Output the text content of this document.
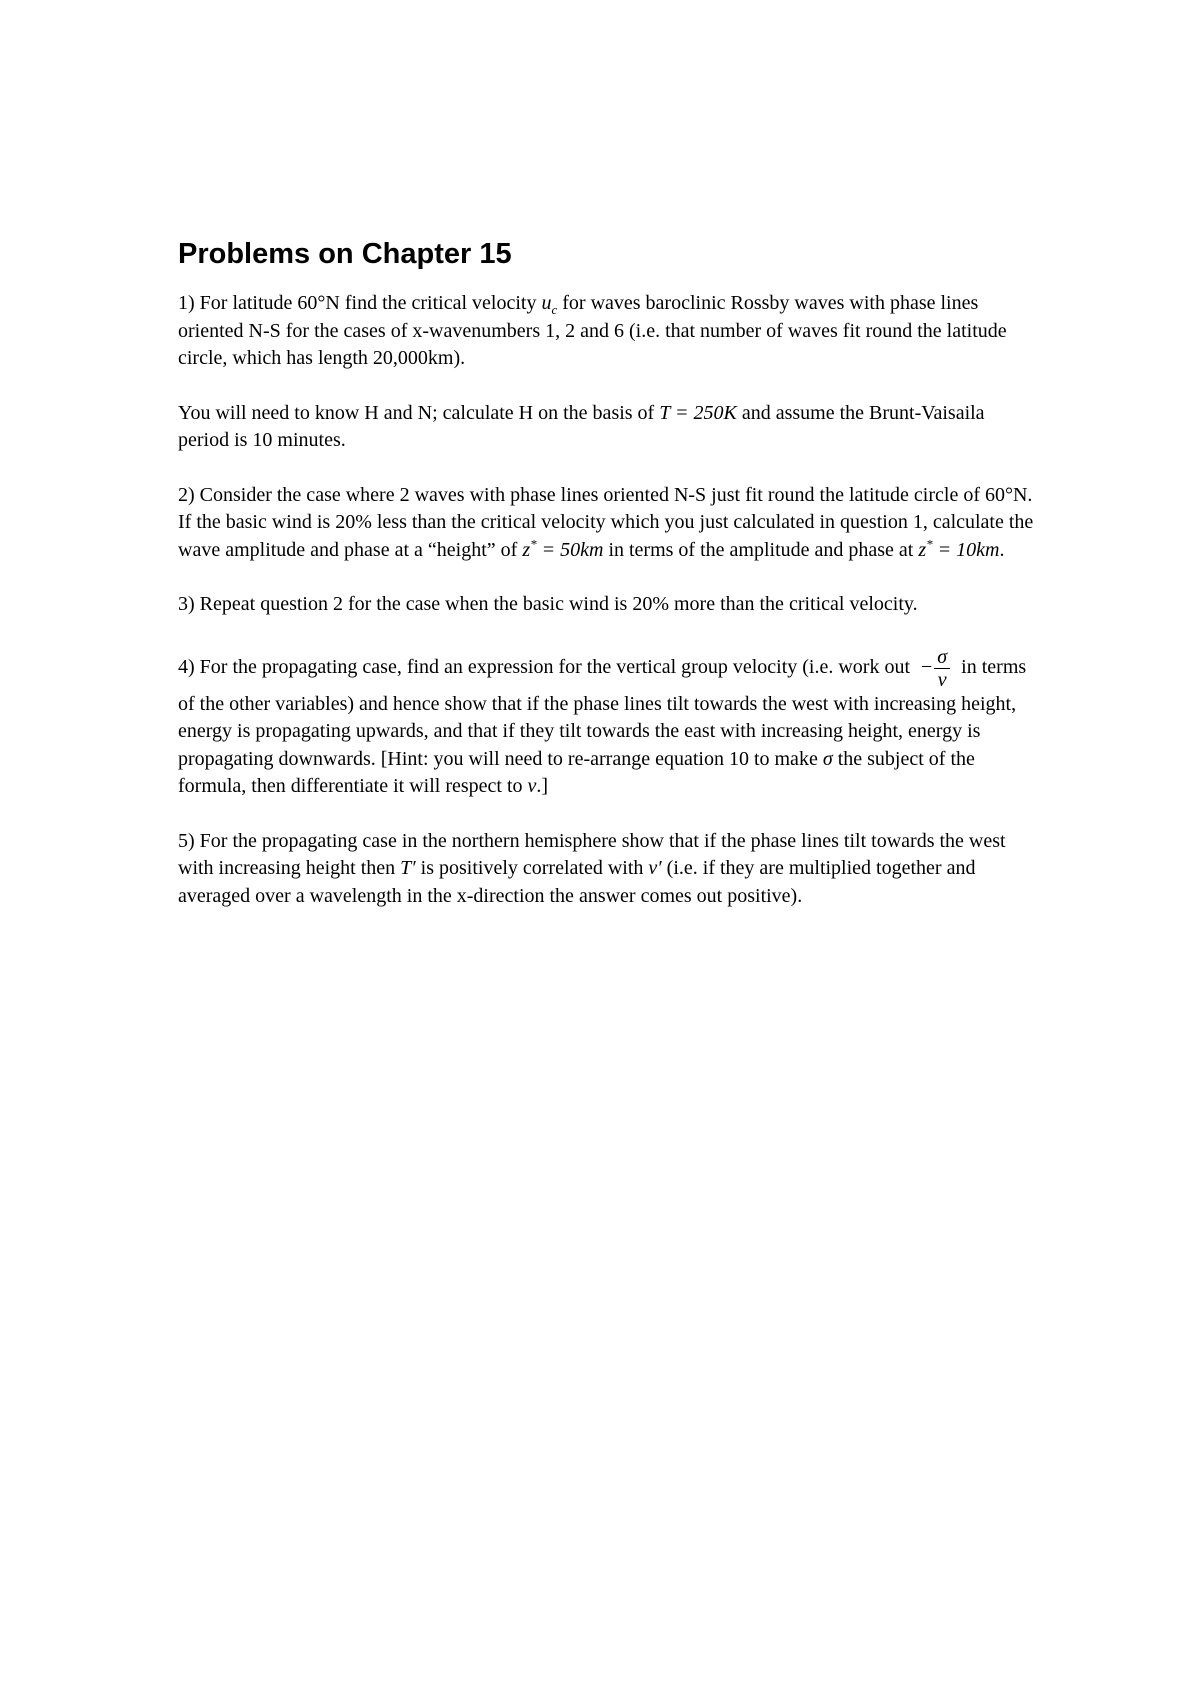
Problems on Chapter 15

1) For latitude 60°N find the critical velocity $u_c$ for waves baroclinic Rossby waves with phase lines oriented N-S for the cases of x-wavenumbers 1, 2 and 6 (i.e. that number of waves fit round the latitude circle, which has length 20,000km).

You will need to know H and N; calculate H on the basis of T = 250K and assume the Brunt-Vaisaila period is 10 minutes.

2) Consider the case where 2 waves with phase lines oriented N-S just fit round the latitude circle of 60°N. If the basic wind is 20% less than the critical velocity which you just calculated in question 1, calculate the wave amplitude and phase at a “height” of z* = 50km in terms of the amplitude and phase at z* = 10km.

3) Repeat question 2 for the case when the basic wind is 20% more than the critical velocity.

4) For the propagating case, find an expression for the vertical group velocity (i.e. work out − $\frac{\sigma}{\nu}$ in terms of the other variables) and hence show that if the phase lines tilt towards the west with increasing height, energy is propagating upwards, and that if they tilt towards the east with increasing height, energy is propagating downwards. [Hint: you will need to re-arrange equation 10 to make σ the subject of the formula, then differentiate it will respect to ν.]

5) For the propagating case in the northern hemisphere show that if the phase lines tilt towards the west with increasing height then T′ is positively correlated with v′ (i.e. if they are multiplied together and averaged over a wavelength in the x-direction the answer comes out positive).
